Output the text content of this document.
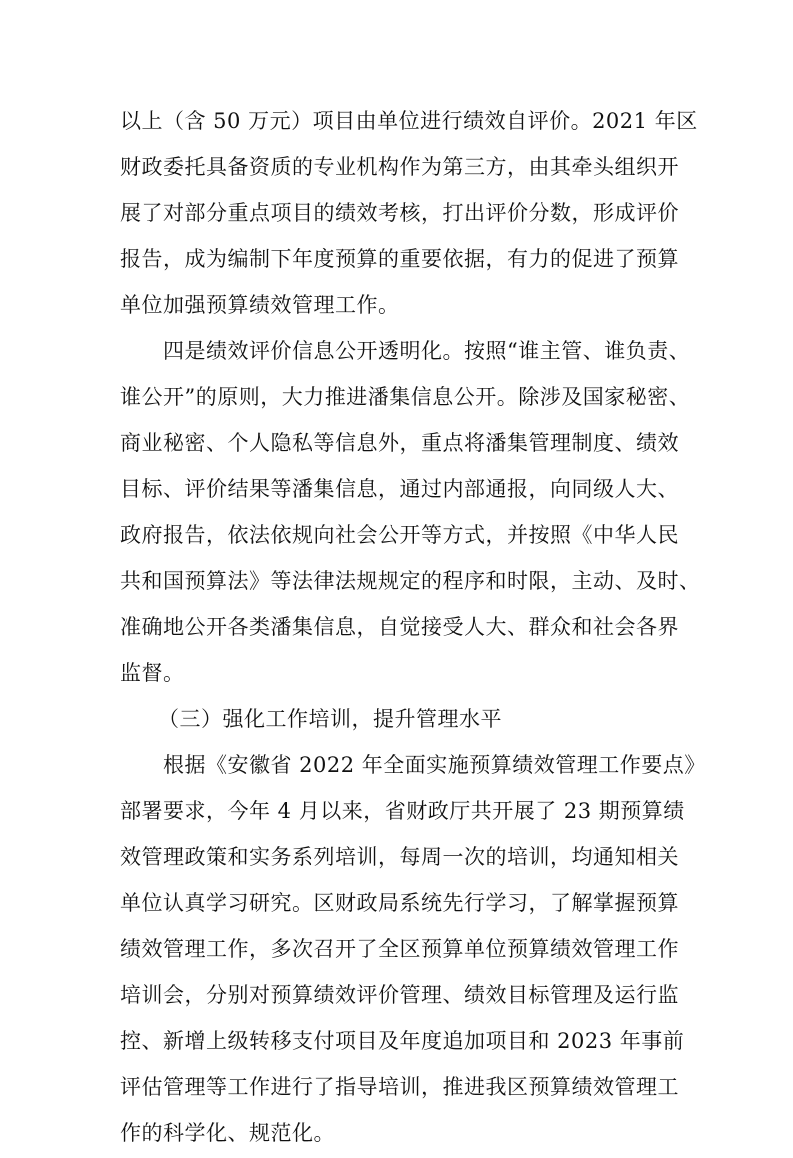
以上（含 50 万元）项目由单位进行绩效自评价。2021 年区
财政委托具备资质的专业机构作为第三方，由其牵头组织开
展了对部分重点项目的绩效考核，打出评价分数，形成评价
报告，成为编制下年度预算的重要依据，有力的促进了预算
单位加强预算绩效管理工作。
四是绩效评价信息公开透明化。按照“谁主管、谁负责、
谁公开”的原则，大力推进潘集信息公开。除涉及国家秘密、
商业秘密、个人隐私等信息外，重点将潘集管理制度、绩效
目标、评价结果等潘集信息，通过内部通报，向同级人大、
政府报告，依法依规向社会公开等方式，并按照《中华人民
共和国预算法》等法律法规规定的程序和时限，主动、及时、
准确地公开各类潘集信息，自觉接受人大、群众和社会各界
监督。
（三）强化工作培训，提升管理水平
根据《安徽省 2022 年全面实施预算绩效管理工作要点》
部署要求，今年 4 月以来，省财政厅共开展了 23 期预算绩
效管理政策和实务系列培训，每周一次的培训，均通知相关
单位认真学习研究。区财政局系统先行学习，了解掌握预算
绩效管理工作，多次召开了全区预算单位预算绩效管理工作
培训会，分别对预算绩效评价管理、绩效目标管理及运行监
控、新增上级转移支付项目及年度追加项目和 2023 年事前
评估管理等工作进行了指导培训，推进我区预算绩效管理工
作的科学化、规范化。
